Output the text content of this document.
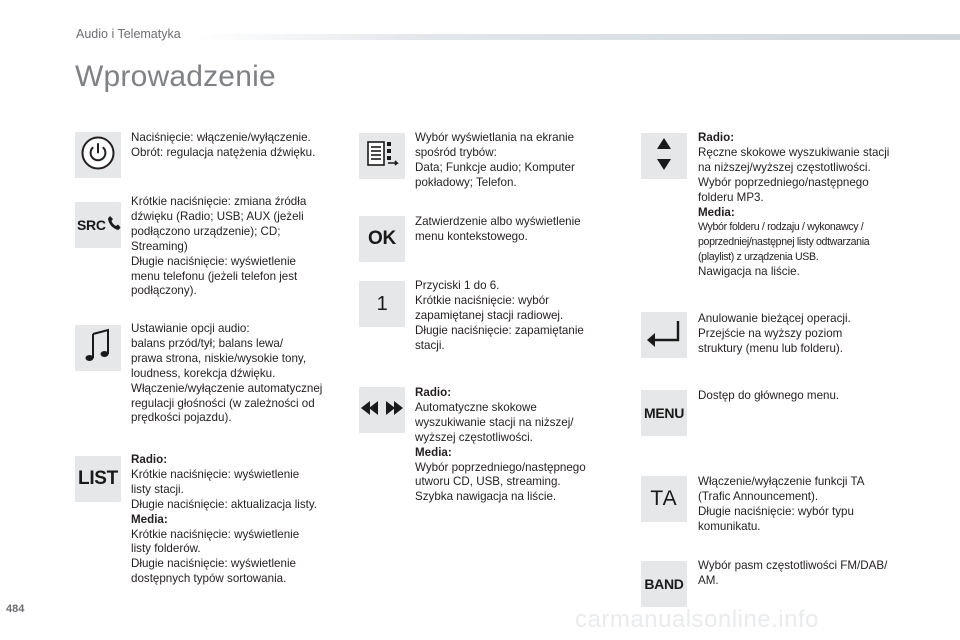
Audio i Telematyka
Wprowadzenie
Naciśnięcie: włączenie/wyłączenie.
Obrót: regulacja natężenia dźwięku.
SRC
Krótkie naciśnięcie: zmiana źródła
dźwięku (Radio; USB; AUX (jeżeli
podłączono urządzenie); CD;
Streaming)
Długie naciśnięcie: wyświetlenie
menu telefonu (jeżeli telefon jest
podłączony).
Ustawianie opcji audio:
balans przód/tył; balans lewa/
prawa strona, niskie/wysokie tony,
loudness, korekcja dźwięku.
Włączenie/wyłączenie automatycznej
regulacji głośności (w zależności od
prędkości pojazdu).
LIST
Radio:
Krótkie naciśnięcie: wyświetlenie
listy stacji.
Długie naciśnięcie: aktualizacja listy.
Media:
Krótkie naciśnięcie: wyświetlenie
listy folderów.
Długie naciśnięcie: wyświetlenie
dostępnych typów sortowania.
Wybór wyświetlania na ekranie
spośród trybów:
Data; Funkcje audio; Komputer
pokładowy; Telefon.
OK
Zatwierdzenie albo wyświetlenie
menu kontekstowego.
1
Przyciski 1 do 6.
Krótkie naciśnięcie: wybór
zapamiętanej stacji radiowej.
Długie naciśnięcie: zapamiętanie
stacji.
Radio:
Automatyczne skokowe
wyszukiwanie stacji na niższej/
wyższej częstotliwości.
Media:
Wybór poprzedniego/następnego
utworu CD, USB, streaming.
Szybka nawigacja na liście.
Radio:
Ręczne skokowe wyszukiwanie stacji
na niższej/wyższej częstotliwości.
Wybór poprzedniego/następnego
folderu MP3.
Media:
Wybór folderu / rodzaju / wykonawcy /
poprzedniej/następnej listy odtwarzania
(playlist) z urządzenia USB.
Nawigacja na liście.
Anulowanie bieżącej operacji.
Przejście na wyższy poziom
struktury (menu lub folderu).
MENU
Dostęp do głównego menu.
TA
Włączenie/wyłączenie funkcji TA
(Trafic Announcement).
Długie naciśnięcie: wybór typu
komunikatu.
BAND
Wybór pasm częstotliwości FM/DAB/
AM.
484	carmanualsonline.info
